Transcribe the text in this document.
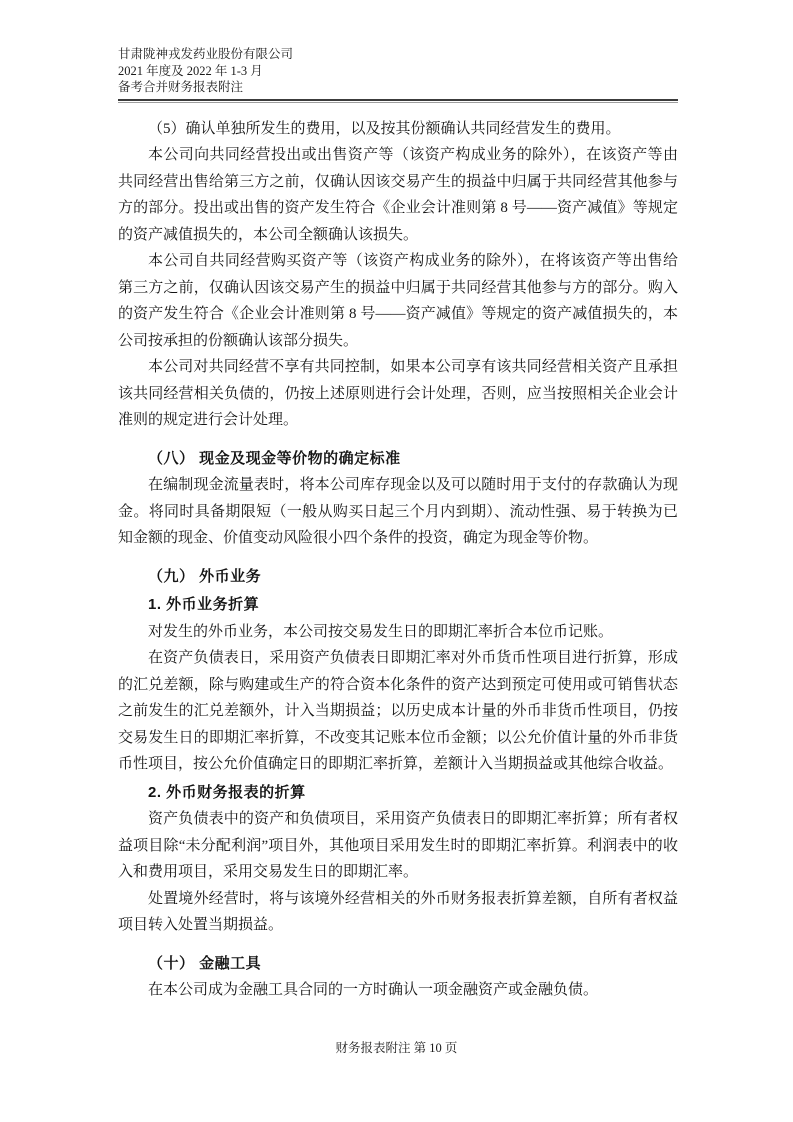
甘肃陇神戎发药业股份有限公司
2021 年度及 2022 年 1-3 月
备考合并财务报表附注

（5）确认单独所发生的费用，以及按其份额确认共同经营发生的费用。

本公司向共同经营投出或出售资产等（该资产构成业务的除外），在该资产等由共同经营出售给第三方之前，仅确认因该交易产生的损益中归属于共同经营其他参与方的部分。投出或出售的资产发生符合《企业会计准则第 8 号——资产减值》等规定的资产减值损失的，本公司全额确认该损失。

本公司自共同经营购买资产等（该资产构成业务的除外），在将该资产等出售给第三方之前，仅确认因该交易产生的损益中归属于共同经营其他参与方的部分。购入的资产发生符合《企业会计准则第 8 号——资产减值》等规定的资产减值损失的，本公司按承担的份额确认该部分损失。

本公司对共同经营不享有共同控制，如果本公司享有该共同经营相关资产且承担该共同经营相关负债的，仍按上述原则进行会计处理，否则，应当按照相关企业会计准则的规定进行会计处理。

（八） 现金及现金等价物的确定标准

在编制现金流量表时，将本公司库存现金以及可以随时用于支付的存款确认为现金。将同时具备期限短（一般从购买日起三个月内到期）、流动性强、易于转换为已知金额的现金、价值变动风险很小四个条件的投资，确定为现金等价物。

（九） 外币业务

1. 外币业务折算

对发生的外币业务，本公司按交易发生日的即期汇率折合本位币记账。

在资产负债表日，采用资产负债表日即期汇率对外币货币性项目进行折算，形成的汇兑差额，除与购建或生产的符合资本化条件的资产达到预定可使用或可销售状态之前发生的汇兑差额外，计入当期损益；以历史成本计量的外币非货币性项目，仍按交易发生日的即期汇率折算，不改变其记账本位币金额；以公允价值计量的外币非货币性项目，按公允价值确定日的即期汇率折算，差额计入当期损益或其他综合收益。

2. 外币财务报表的折算

资产负债表中的资产和负债项目，采用资产负债表日的即期汇率折算；所有者权益项目除“未分配利润”项目外，其他项目采用发生时的即期汇率折算。利润表中的收入和费用项目，采用交易发生日的即期汇率。

处置境外经营时，将与该境外经营相关的外币财务报表折算差额，自所有者权益项目转入处置当期损益。

（十） 金融工具

在本公司成为金融工具合同的一方时确认一项金融资产或金融负债。

财务报表附注 第 10 页
